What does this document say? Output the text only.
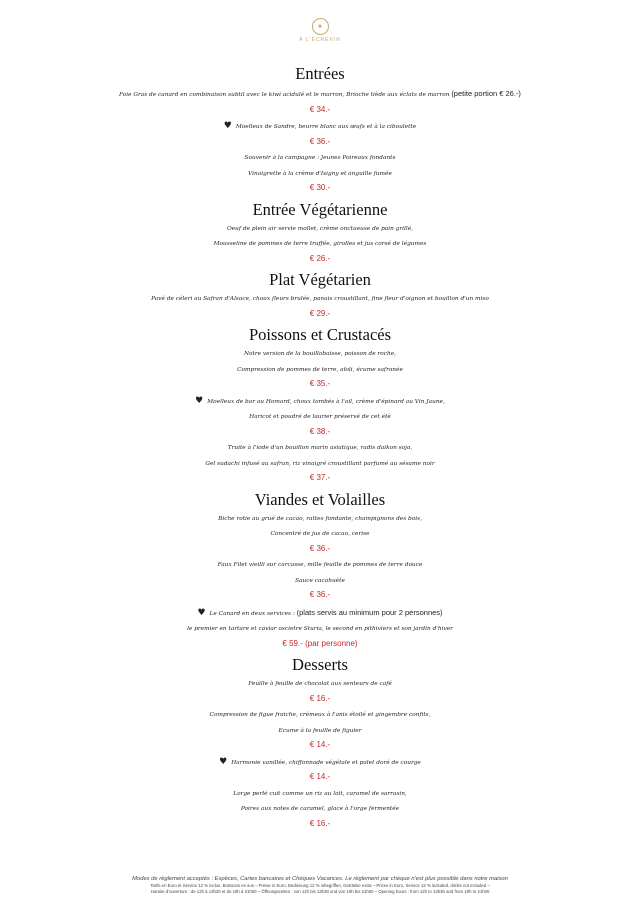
✦
À L'ÉCREVIN
Entrées

Foie Gras de canard en combinaison subtil avec le kiwi acidulé et le marron, Brioche tiède aux éclats de marron (petite portion € 26.-)

€ 34.-

♥ Moelleux de Sandre, beurre blanc aux œufs et à la ciboulette

€ 36.-

Souvenir à la campagne : Jeunes Poireaux fondants

Vinaigrette à la crème d'Isigny et anguille fumée

€ 30.-

Entrée Végétarienne

Oeuf de plein air servie mollet, crème onctueuse de pain grillé,

Mousseline de pommes de terre truffée, girolles et jus corsé de légumes

€ 26.-

Plat Végétarien

Pavé de céleri au Safran d'Alsace, choux fleurs brulée, panais croustillant, fine fleur d'oignon et bouillon d'un miso

€ 29.-

Poissons et Crustacés

Notre version de la bouillabaisse, poisson de roche,

Compression de pommes de terre, aïoli, écume safranée

€ 35.-

♥ Moelleux de bar au Homard, choux tombés à l'ail, crème d'épinard au Vin Jaune,

Haricot et poudré de laurier préservé de cet été

€ 38.-

Truite à l'iode d'un bouillon marin asiatique, radis daikon soja,

Gel sudachi infusé au safran, riz vinaigré croustillant parfumé au sésame noir

€ 37.-

Viandes et Volailles

Biche rotie au grué de cacao, rattes fondante, champignons des bois,

Concentré de jus de cacao, cerise

€ 36.-

Faux Filet vieilli sur carcasse, mille feuille de pommes de terre douce

Sauce cacahuète

€ 36.-

♥ Le Canard en deux services : (plats servis au minimum pour 2 personnes)

le premier en tartare et caviar oscietre Sturia, le second en pithiviers et son jardin d'hiver

€ 59.- (par personne)

Desserts

Feuille à feuille de chocolat aux senteurs de café

€ 16.-

Compression de figue fraiche, crémeux à l'anis étoilé et gingembre confits,

Ecume à la feuille de figuier

€ 14.-

♥ Harmonie vanillée, chiffonnade végétale et palet doré de courge

€ 14.-

Lorge perlé cuit comme un riz au lait, caramel de sarrasin,

Poires aux notes de caramel, glace à l'orge fermentée

€ 16.-

Modes de règlement acceptés : Espèces, Cartes bancaires et Chèques Vacances. Le règlement par chèque n'est plus possible dans notre maison
Tarifs en Euro et Service 12 % inclus. Boissons en sus – Preise in Euro, Bedienung 12 % inbegriffen, Getränke extra – Prices in Euro, Service 12 % included, drinks not included –
Horaire d'ouverture : de 12h à 13h30 et de 19h à 21h00 – Öffnungszeiten : von 12h bis 13h30 und von 19h bis 21h00 – Opening hours : from 12h to 13h30 and from 19h to 21h00
